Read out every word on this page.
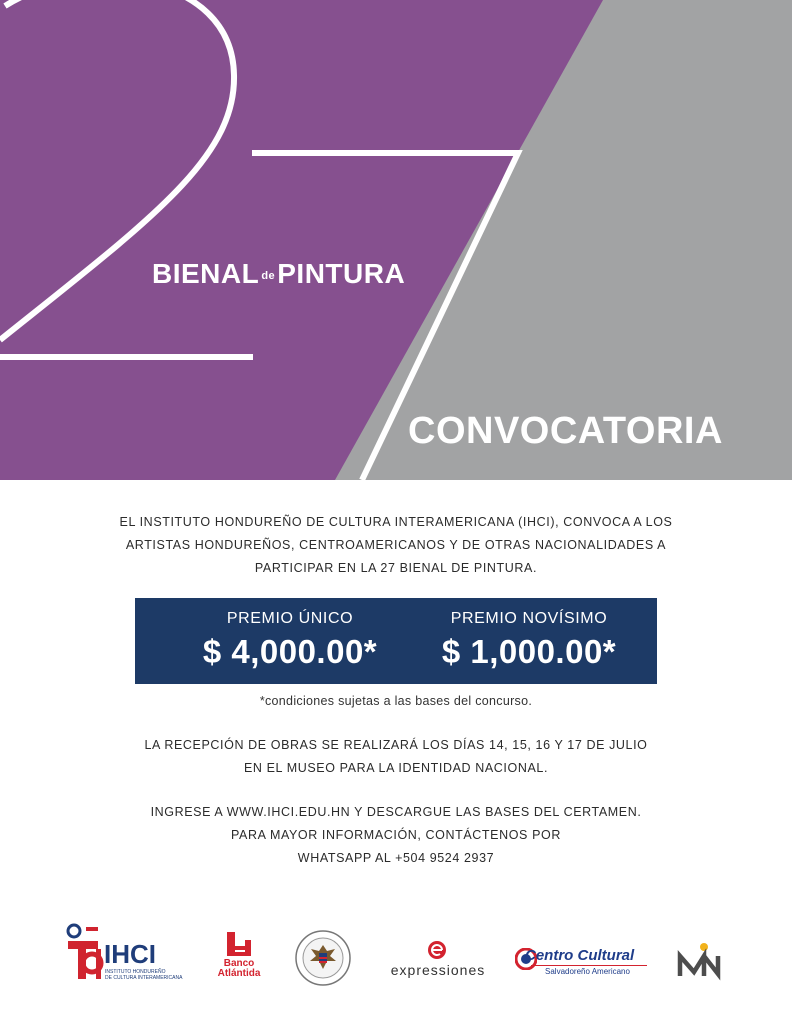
BIENAL de PINTURA
CONVOCATORIA
EL INSTITUTO HONDUREÑO DE CULTURA INTERAMERICANA (IHCI), CONVOCA A LOS
ARTISTAS HONDUREÑOS, CENTROAMERICANOS Y DE OTRAS NACIONALIDADES A
PARTICIPAR EN LA 27 BIENAL DE PINTURA.
PREMIO ÚNICO
$ 4,000.00*
PREMIO NOVÍSIMO
$ 1,000.00*
*condiciones sujetas a las bases del concurso.
LA RECEPCIÓN DE OBRAS SE REALIZARÁ LOS DÍAS 14, 15, 16 Y 17 DE JULIO
EN EL MUSEO PARA LA IDENTIDAD NACIONAL.
INGRESE A WWW.IHCI.EDU.HN Y DESCARGUE LAS BASES DEL CERTAMEN.
PARA MAYOR INFORMACIÓN, CONTÁCTENOS POR
WHATSAPP AL +504 9524 2937
IHCI
INSTITUTO HONDUREÑO
DE CULTURA INTERAMERICANA
Banco
Atlántida	expressiones
Centro Cultural
Salvadoreño Americano
